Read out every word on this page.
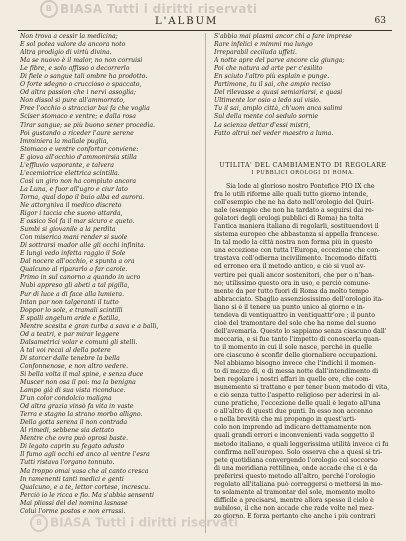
B BIASA Tutti i diritti riservati
L'ALBUM	63
Non trova a cessir la medicina;
E sol potea valore da ancora noto
Altra prodigio di virtù divina.
Ma se nuovo è il malor, no non corruisi
Le fibre, e solo affisso o decorrerlo
Di fiele o sangue tali ombre ha prodotto.
O forte sdegno o cruccioso o spaccato,
Od altra passion che i nervi assoglia;
Non dissol si pure all'ammorrato,
Free l'occhio o stracciar bui fa che voglia
Sciser stomaco e ventre; e dalla rosa
Tirar sangue; se più buono sener procedìa.
Poi gustando a riceder l'aure serene
Imminiera la maliale puglia,
Stomaco e ventre confortar conviene:
E giova all'occhio d'ammonirsia stilla
L'effluvio vaporante, e talvera
L'ecemiotrice elettrica scintilla.
Così un giro non ha compiuto ancora
La Luna, e fuor all'ugro e ciur lato
Torna, qual dopo il buio alba ed aurora.
Ne attorgniva il medico discreto
Rigor i taccia che suono attarda,
E ossico Sol fa il mar sicuro e queto.
Sumbi si giovanile a la perdita
Con miserica mani render si suole
Di sottrarsi mador alle gli occhi infinita.
E lungi vedo infetta raggio il Sole
Dal nocere all'occhio, e spunta a ora
Qualcuno al ripararlo a far carole.
Primo in sul canorno a quando in ucro
Nubi appreso gli abeti a tal pigilla,
Pur di luce a di face alla lumiera.
Intan par non talgeranti il tutto
Doppor lo sole, e tramali scintilli
E spalli angelum aride e fiatilla,
Mentre scesita e gran turba a sava e a balli,
Od a teatri, e par mirar leggere
Dalsametrici volar e comuni gli stelli.
A tal voi recai al della potere
Di storcer dalle tenebre la bella
Confonnenose, e non altro vedere.
Si bella volta il mal spine, e senza duce
Muscer non osa il poi: ma la benigna
Lampo già di sua vista riconduce.
D'un color condolcio maligna
Od altra grazia vinsò fa vita in vaste
Terra e stagno la strano morbo alligno.
Della gotta serena il non contrada
Al rimedi, sebbene sia dettato
Mentre che ovra può oprosi baste.
Di legato caprin su fegato adusto
Il fumo agli occhi ed anco al ventre l'esra
Tutti ristava l'organo tonnuto.
Ma troppo omai vasa che al canto cresca
In ramenenti tanti medici e genti
Qualcuno, e a te, lettor cortese, increscu.
Perciò io le ricca e fio. Ma s'abbia sensenti
Mai pliossi del del nomina lasnase
Colui l'orme postos e non errassi.
S'abbia mai plasmi ancor chi a fare imprese
Rare infelici e mimmi ma lungo
Irreparabil ceciluda uffeti.
A notte apre del parve ancore cìa giunga;
Poi che natura ad arte per c'esilito
En sciuto l'altro più esplain e punge.
Partimone, tu il sai, che ampio reciso
Del rilevasse a quasi semiariarsi, e quasi
Ultimente lor osio a ledo sui visio.
Tu il sai, amplo città, ch'uom anca salimi
Sul della mente col sedulo sornie
La scienza dettar d'essi mistri,
Fatto altrui nel veder maestro a luma.
UTILITA' DEL CAMBIAMENTO DI REGOLARE
I PUBBLICI OROLOGI DI ROMA.
Sia lode al glorioso nostro Pontefice PIO IX che
fra le utili riforme alle quali tutto giorno intende,
coll'esempio che ne ha dato nell'orologio del Quiri-
nale (esempio che non ha tardato a seguirsi dai re-
golatori degli orologi pubblici di Roma) ha tolta
l'antica maniera italiana di regolarli, sostituendovi il
sistema europeo che abbastanza si appella francese.
In tal modo la città nostra non forma più in questo
una eccezione con tutta l'Europa, eccezione che con-
trastava coll'odierna incivilimento. Incomodo difatti
ed erroneo era il metodo antico, e ciò si vuol av-
vertire pei quali ancor sostenitori, che per o n'han-
no; utilissimo questo ora in uso, e perciò comune-
mente da per tutto fuori di Roma da molto tempo
abbracciato. Sbaglio assenziosissimo dell'orologio ita-
liano si è il tenere ua punto unico al giorno e in-
tendeva di ventiquattro in ventiquattr'ore ; il punto
cioè del tramontare del sole che ha nome del suono
dell'avemaria. Questo lo sappiamo senza ciascuno dall'
meccaria, e si fue tanto l'impetto di conoscerla quan-
to il momento in cui il sole nasce, perché in quelle
ore ciascuno è sconfir delle giornaliere occupazioni.
Nel abbiamo bisogno invece che l'indichi il momen-
to di mezzo di, e di messa notte dall'intendimento di
ben regolare i nostri affari in quelle ore, che com-
munemente si trattano e per tener buon metodo di vita,
e ciò senza tutto l'aspetto religioso per aderirsi in al-
cune pratiche, l'eccezione delle quali è legato all'una
o all'altro di questi due punti. In esso non accenno
e nella brevità che mi propongo in quest'arti-
colo non imprendo ad indicare dettamamente non
quali grandi errori e inconvenienti vada soggetto il
metodo italiano, e quali leggerissima utilità invece ci fu
confirma nell'europeo. Solo osserva che a quesi si tri-
pete quotidiana convergendo l'orologio col soccorso
di una meridiana rettilinea, onde accade che ci è da
preferirsi questo metodo all'altro, perché l'orologio
regolato all'italiana può correggersi o mettersi in mo-
to solamente al tramontar del sole, momento molto
difficile a precisarsi, mentre allora spesso il cielo è
nubiloso, il che non accade che rade volte nel mez-
zo giorno. È forza pertanto che anche i più contrari
B BIASA Tutti i diritti riservati
